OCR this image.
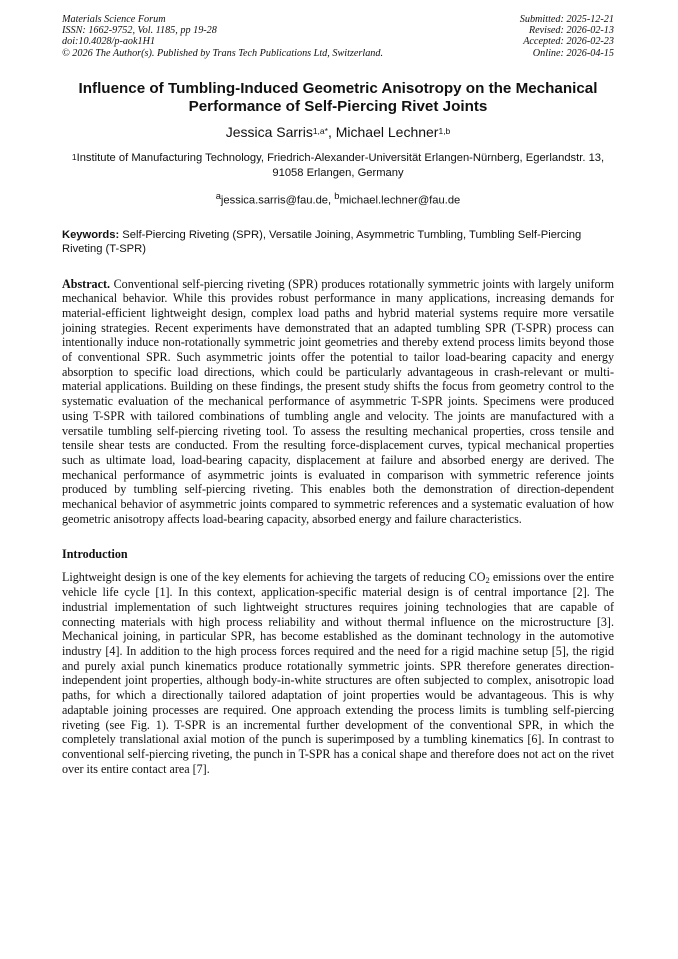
Materials Science Forum
ISSN: 1662-9752, Vol. 1185, pp 19-28
doi:10.4028/p-aok1H1
© 2026 The Author(s). Published by Trans Tech Publications Ltd, Switzerland.
Submitted: 2025-12-21
Revised: 2026-02-13
Accepted: 2026-02-23
Online: 2026-04-15
Influence of Tumbling-Induced Geometric Anisotropy on the Mechanical Performance of Self-Piercing Rivet Joints
Jessica Sarris$^{1,a*}$, Michael Lechner$^{1,b}$
$^1$Institute of Manufacturing Technology, Friedrich-Alexander-Universität Erlangen-Nürnberg, Egerlandstr. 13, 91058 Erlangen, Germany
$^a$jessica.sarris@fau.de, $^b$michael.lechner@fau.de
Keywords: Self-Piercing Riveting (SPR), Versatile Joining, Asymmetric Tumbling, Tumbling Self-Piercing Riveting (T-SPR)
Abstract. Conventional self-piercing riveting (SPR) produces rotationally symmetric joints with largely uniform mechanical behavior. While this provides robust performance in many applications, increasing demands for material-efficient lightweight design, complex load paths and hybrid material systems require more versatile joining strategies. Recent experiments have demonstrated that an adapted tumbling SPR (T-SPR) process can intentionally induce non-rotationally symmetric joint geometries and thereby extend process limits beyond those of conventional SPR. Such asymmetric joints offer the potential to tailor load-bearing capacity and energy absorption to specific load directions, which could be particularly advantageous in crash-relevant or multi-material applications. Building on these findings, the present study shifts the focus from geometry control to the systematic evaluation of the mechanical performance of asymmetric T-SPR joints. Specimens were produced using T-SPR with tailored combinations of tumbling angle and velocity. The joints are manufactured with a versatile tumbling self-piercing riveting tool. To assess the resulting mechanical properties, cross tensile and tensile shear tests are conducted. From the resulting force-displacement curves, typical mechanical properties such as ultimate load, load-bearing capacity, displacement at failure and absorbed energy are derived. The mechanical performance of asymmetric joints is evaluated in comparison with symmetric reference joints produced by tumbling self-piercing riveting. This enables both the demonstration of direction-dependent mechanical behavior of asymmetric joints compared to symmetric references and a systematic evaluation of how geometric anisotropy affects load-bearing capacity, absorbed energy and failure characteristics.
Introduction
Lightweight design is one of the key elements for achieving the targets of reducing $CO_2$ emissions over the entire vehicle life cycle [1]. In this context, application-specific material design is of central importance [2]. The industrial implementation of such lightweight structures requires joining technologies that are capable of connecting materials with high process reliability and without thermal influence on the microstructure [3]. Mechanical joining, in particular SPR, has become established as the dominant technology in the automotive industry [4]. In addition to the high process forces required and the need for a rigid machine setup [5], the rigid and purely axial punch kinematics produce rotationally symmetric joints. SPR therefore generates direction-independent joint properties, although body-in-white structures are often subjected to complex, anisotropic load paths, for which a directionally tailored adaptation of joint properties would be advantageous. This is why adaptable joining processes are required. One approach extending the process limits is tumbling self-piercing riveting (see Fig. 1). T-SPR is an incremental further development of the conventional SPR, in which the completely translational axial motion of the punch is superimposed by a tumbling kinematics [6]. In contrast to conventional self-piercing riveting, the punch in T-SPR has a conical shape and therefore does not act on the rivet over its entire contact area [7].
